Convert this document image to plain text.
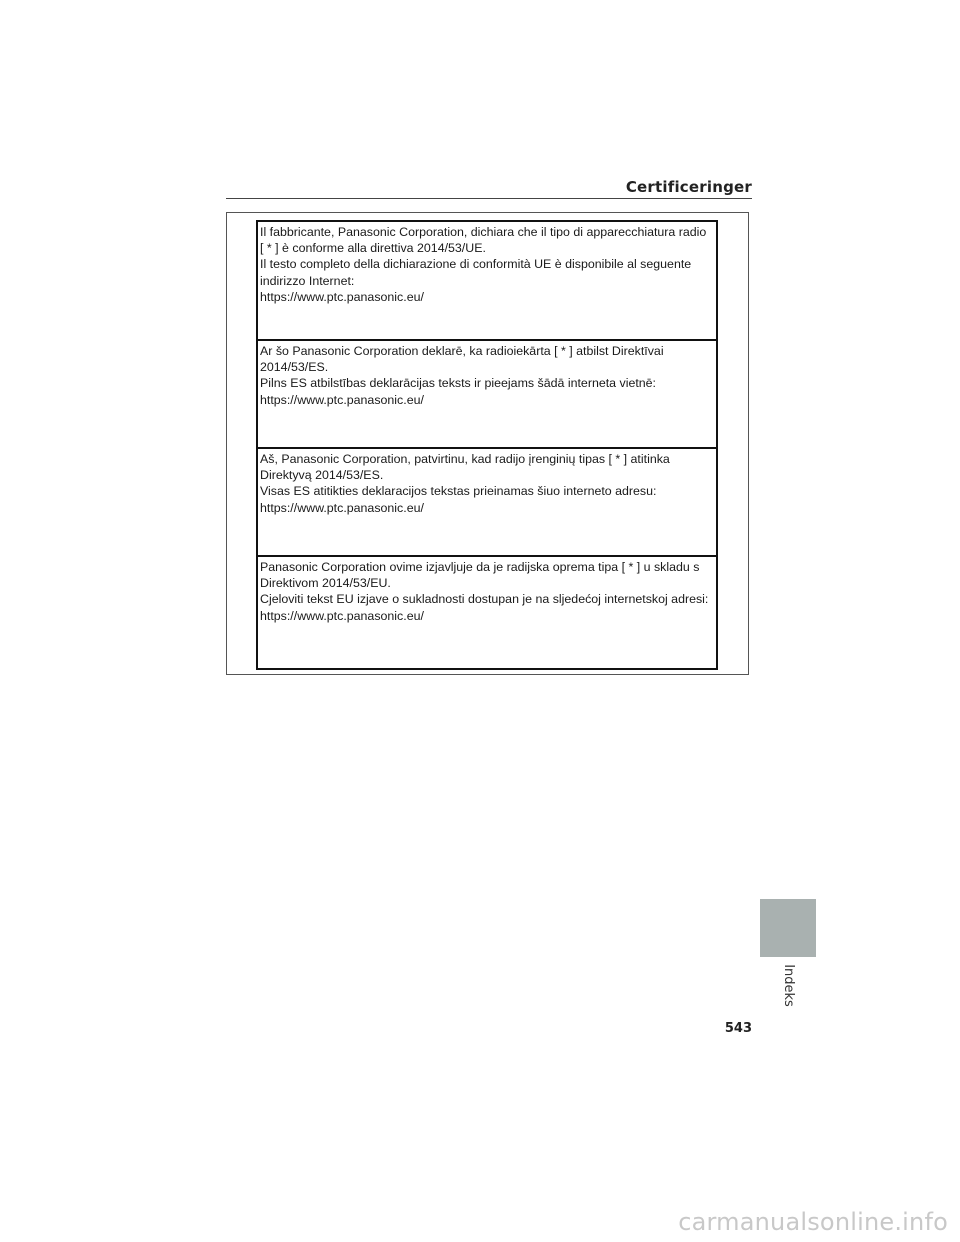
Certificeringer
Il fabbricante, Panasonic Corporation, dichiara che il tipo di apparecchiatura radio
[ * ] è conforme alla direttiva 2014/53/UE.
Il testo completo della dichiarazione di conformità UE è disponibile al seguente
indirizzo Internet:
https://www.ptc.panasonic.eu/
Ar šo Panasonic Corporation deklarē, ka radioiekārta [ * ] atbilst Direktīvai
2014/53/ES.
Pilns ES atbilstības deklarācijas teksts ir pieejams šādā interneta vietnē:
https://www.ptc.panasonic.eu/
Aš, Panasonic Corporation, patvirtinu, kad radijo įrenginių tipas [ * ] atitinka
Direktyvą 2014/53/ES.
Visas ES atitikties deklaracijos tekstas prieinamas šiuo interneto adresu:
https://www.ptc.panasonic.eu/
Panasonic Corporation ovime izjavljuje da je radijska oprema tipa [ * ] u skladu s
Direktivom 2014/53/EU.
Cjeloviti tekst EU izjave o sukladnosti dostupan je na sljedećoj internetskoj adresi:
https://www.ptc.panasonic.eu/
Indeks
543
carmanualsonline.info
